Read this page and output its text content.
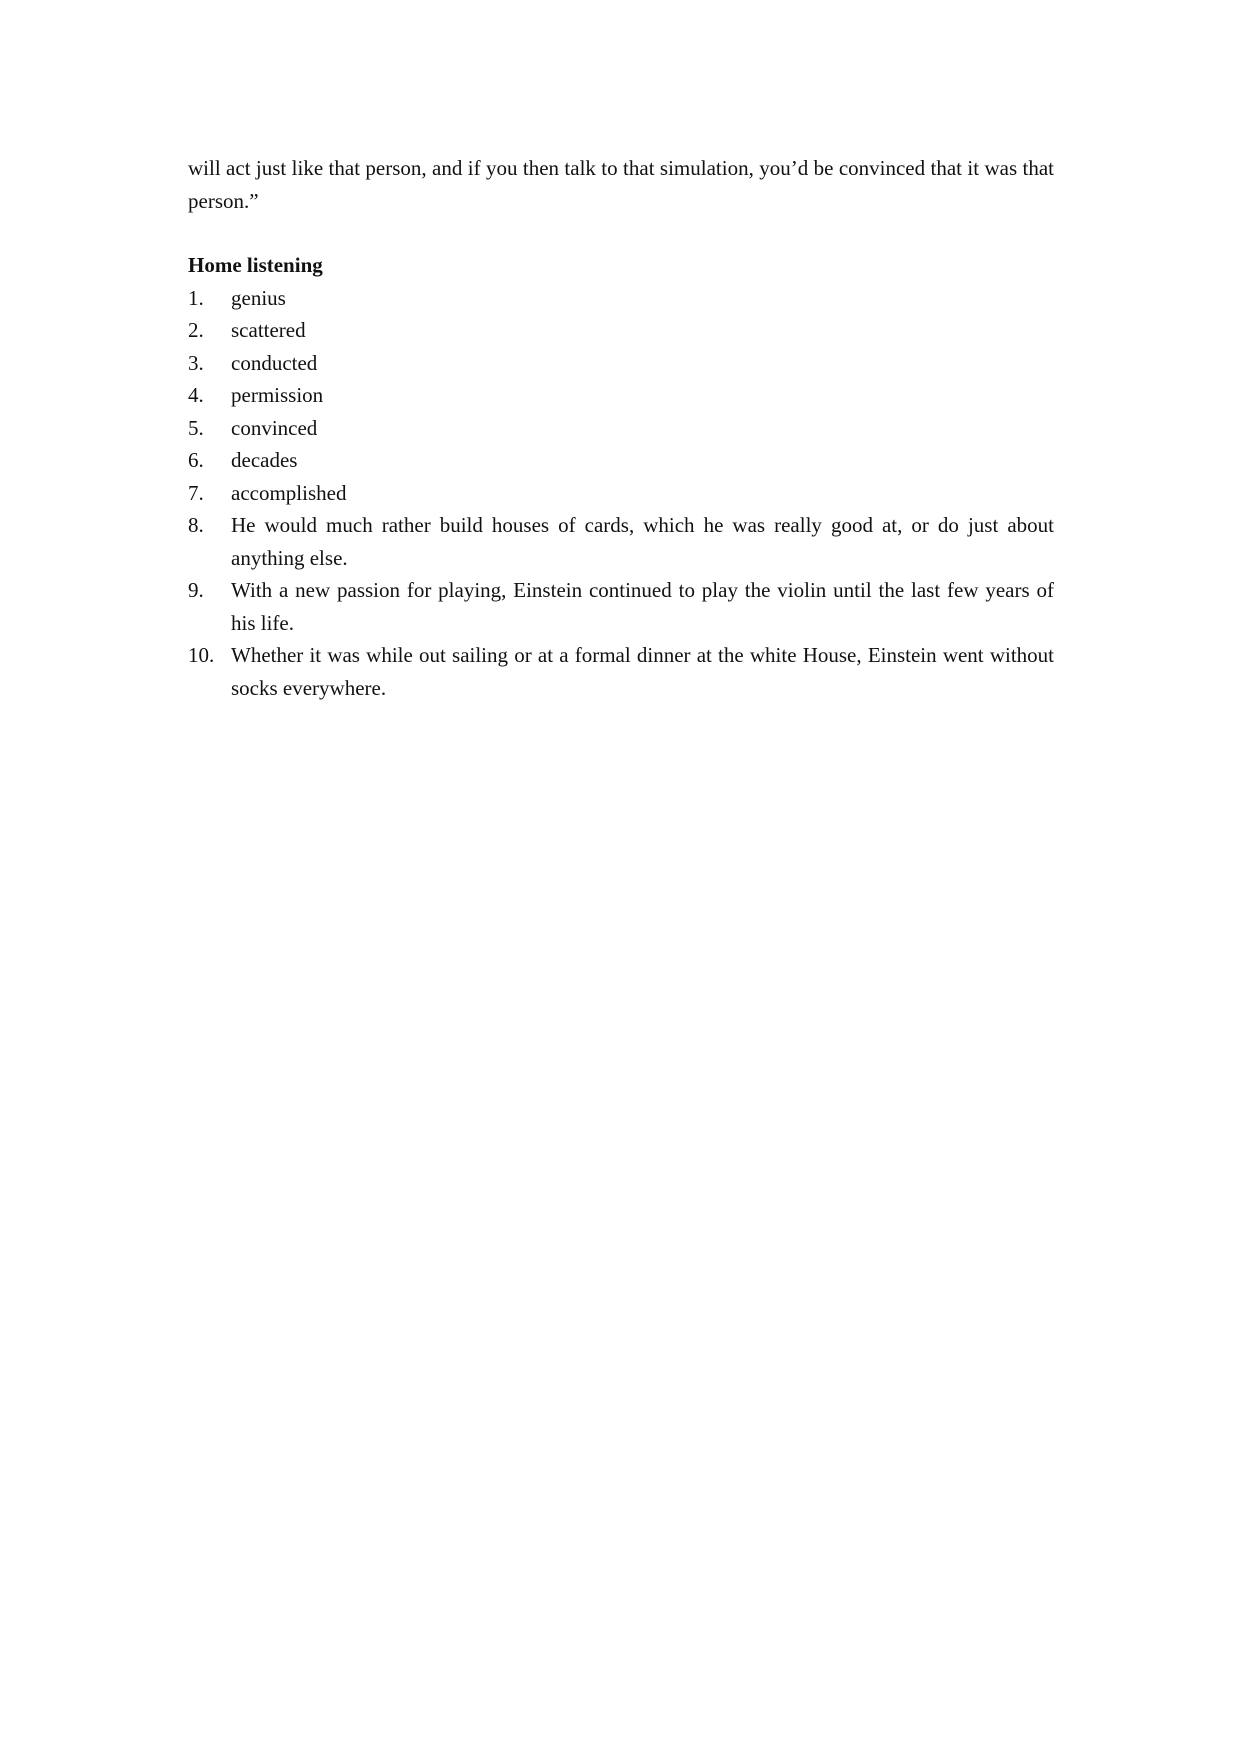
will act just like that person, and if you then talk to that simulation, you’d be convinced that it was that person.”

Home listening

1.	genius
2.	scattered
3.	conducted
4.	permission
5.	convinced
6.	decades
7.	accomplished
8.	He would much rather build houses of cards, which he was really good at, or do just about anything else.
9.	With a new passion for playing, Einstein continued to play the violin until the last few years of his life.
10. Whether it was while out sailing or at a formal dinner at the white House, Einstein went without socks everywhere.
